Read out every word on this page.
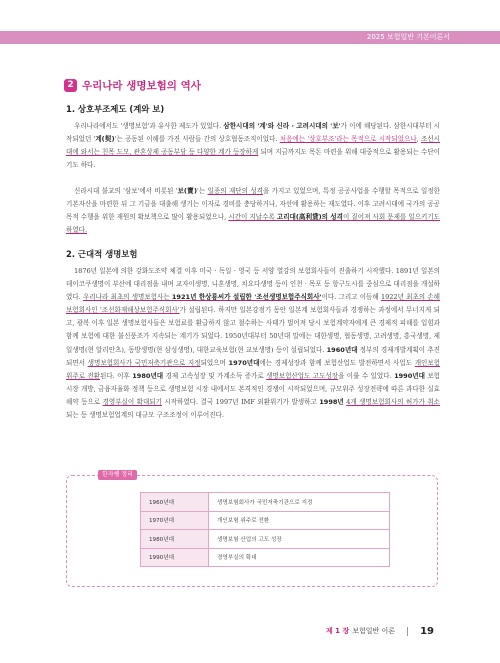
2025 보험일반 기본이론서
2 우리나라 생명보험의 역사
1. 상호부조제도 (계와 보)

우리나라에서도 '생명보험'과 유사한 제도가 있었다. 삼한시대의 '계'와 신라 · 고려시대의 '보'가 이에 해당된다. 삼한시대부터 시작되었던 '계(契)'는 공동된 이해를 가진 사람들 간의 상호협동조직이었다. 처음에는 '상호부조'라는 목적으로 시작되었으나, 조선시대에 와서는 친목 도모, 관혼상제 공동부담 등 다양한 계가 등장하게 되며 지금까지도 목돈 마련을 위해 대중적으로 활용되는 수단이기도 하다.

신라시대 불교의 '삼보'에서 비롯된 '보(寶)'는 일종의 재단의 성격을 가지고 있었으며, 특정 공공사업을 수행할 목적으로 일정한 기본자산을 마련한 뒤 그 기금을 대출해 생기는 이자로 경비를 충당하거나, 자선에 활용하는 재도였다. 이후 고려시대에 국가의 공공목적 수행을 위한 재원의 확보책으로 많이 활용되었으나, 시간이 지날수록 고리대(高利貸)의 성격이 짙어져 사회 문제를 일으키기도 하였다.

2. 근대적 생명보험

1876년 일본에 의한 강화도조약 체결 이후 미국 · 독일 · 영국 등 서양 열강의 보험회사들이 진출하기 시작했다. 1891년 일본의 데이코쿠생명이 부산에 대리점을 내며 교자이생명, 니혼생명, 치요다생명 등이 인천 · 목포 등 항구도시를 중심으로 대리점을 개설하였다. 우리나라 최초의 생명보험사는 1921년 한상룡씨가 설립한 '조선생명보험주식회사'이다. 그리고 이듬해 1922년 최초의 손해보험회사인 '조선화재해상보험주식회사'가 설립된다. 하지만 일본강점기 동안 일본계 보험회사들과 경쟁하는 과정에서 무너지게 되고, 광복 이후 일본 생명보험사들은 보험료를 환급하지 않고 철수하는 사태가 벌어져 당시 보험계약자에게 큰 경제적 피해를 입힘과 함께 보험에 대한 불신풍조가 지속되는 계기가 되었다. 1950년대부터 50년대 말에는 대한생명, 협동생명, 고려생명, 흥국생명, 제일생명(현 알리안츠), 동방생명(현 삼성생명), 대한교육보험(현 교보생명) 등이 설립되었다. 1960년대 정부의 경제개발계획이 추진되면서 생명보험회사가 국민저축기관으로 지정되었으며 1970년대에는 경제성장과 함께 보험산업도 발전하면서 사업도 개인보험 위주로 전환된다. 이후 1980년대 경제 고속성장 및 가계소득 증가로 생명보험산업도 고도성장을 이룰 수 있었다. 1990년대 보험시장 개방, 금융자율화 정책 등으로 생명보험 시장 내에서도 본격적인 경쟁이 시작되었으며, 규모위주 성장전략에 따른 과다한 실효해약 등으로 경영부실이 확대되기 시작하였다. 결국 1997년 IMF 외환위기가 발생하고 1998년 4개 생명보험회사의 허가가 취소되는 등 생명보험업계의 대규모 구조조정이 이루어진다.

한자쌤 정리
1960년대	생명보험회사가 국민저축기관으로 지정
1970년대	개인보험 위주로 전환
1980년대	생명보험 산업의 고도 성장
1990년대	경영부실의 확대
제 1 장 보험일반 이론	19
